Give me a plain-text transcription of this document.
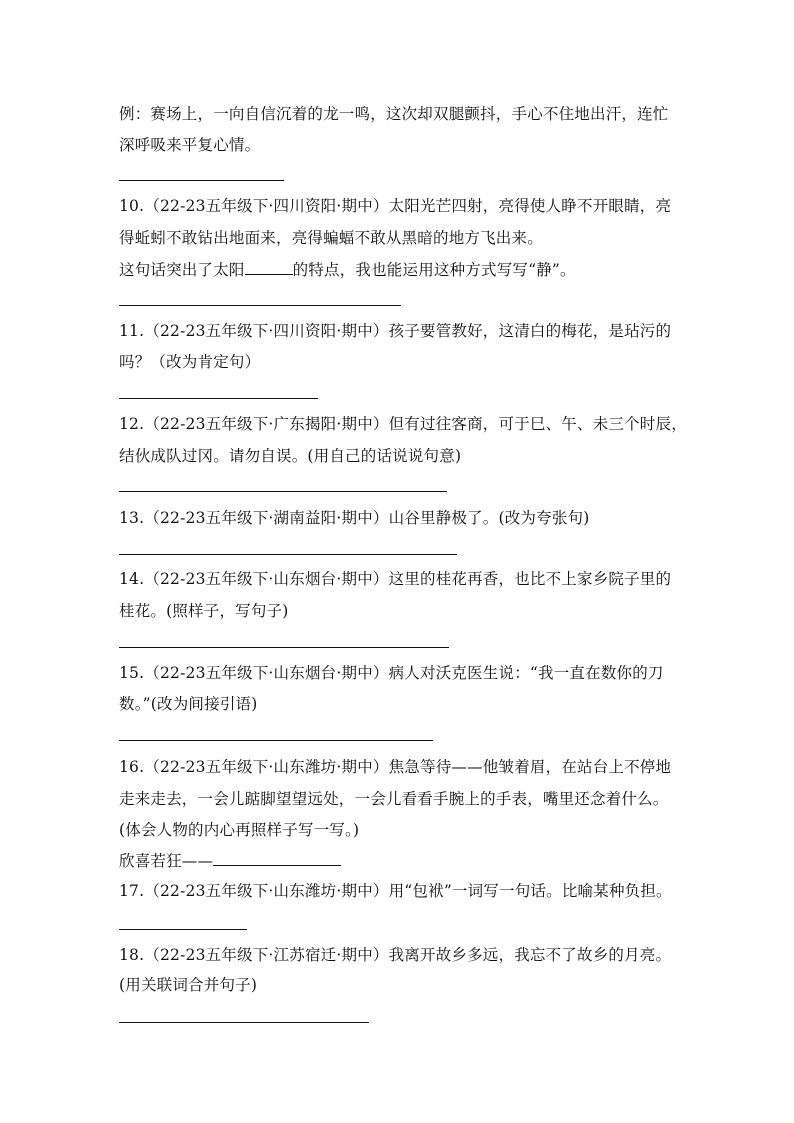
例：赛场上，一向自信沉着的龙一鸣，这次却双腿颤抖，手心不住地出汗，连忙
深呼吸来平复心情。
10.（22-23五年级下·四川资阳·期中）太阳光芒四射，亮得使人睁不开眼睛，亮
得蚯蚓不敢钻出地面来，亮得蝙蝠不敢从黑暗的地方飞出来。
这句话突出了太阳	的特点，我也能运用这种方式写写“静”。
11.（22-23五年级下·四川资阳·期中）孩子要管教好，这清白的梅花，是玷污的
吗？（改为肯定句）
12.（22-23五年级下·广东揭阳·期中）但有过往客商，可于巳、午、未三个时辰，
结伙成队过冈。请勿自误。(用自己的话说说句意)
13.（22-23五年级下·湖南益阳·期中）山谷里静极了。(改为夸张句)
14.（22-23五年级下·山东烟台·期中）这里的桂花再香，也比不上家乡院子里的
桂花。(照样子，写句子)
15.（22-23五年级下·山东烟台·期中）病人对沃克医生说：“我一直在数你的刀
数。”(改为间接引语)
16.（22-23五年级下·山东潍坊·期中）焦急等待——他皱着眉，在站台上不停地
走来走去，一会儿踮脚望望远处，一会儿看看手腕上的手表，嘴里还念着什么。
(体会人物的内心再照样子写一写。)
欣喜若狂——
17.（22-23五年级下·山东潍坊·期中）用“包袱”一词写一句话。比喻某种负担。
18.（22-23五年级下·江苏宿迁·期中）我离开故乡多远，我忘不了故乡的月亮。
(用关联词合并句子)
